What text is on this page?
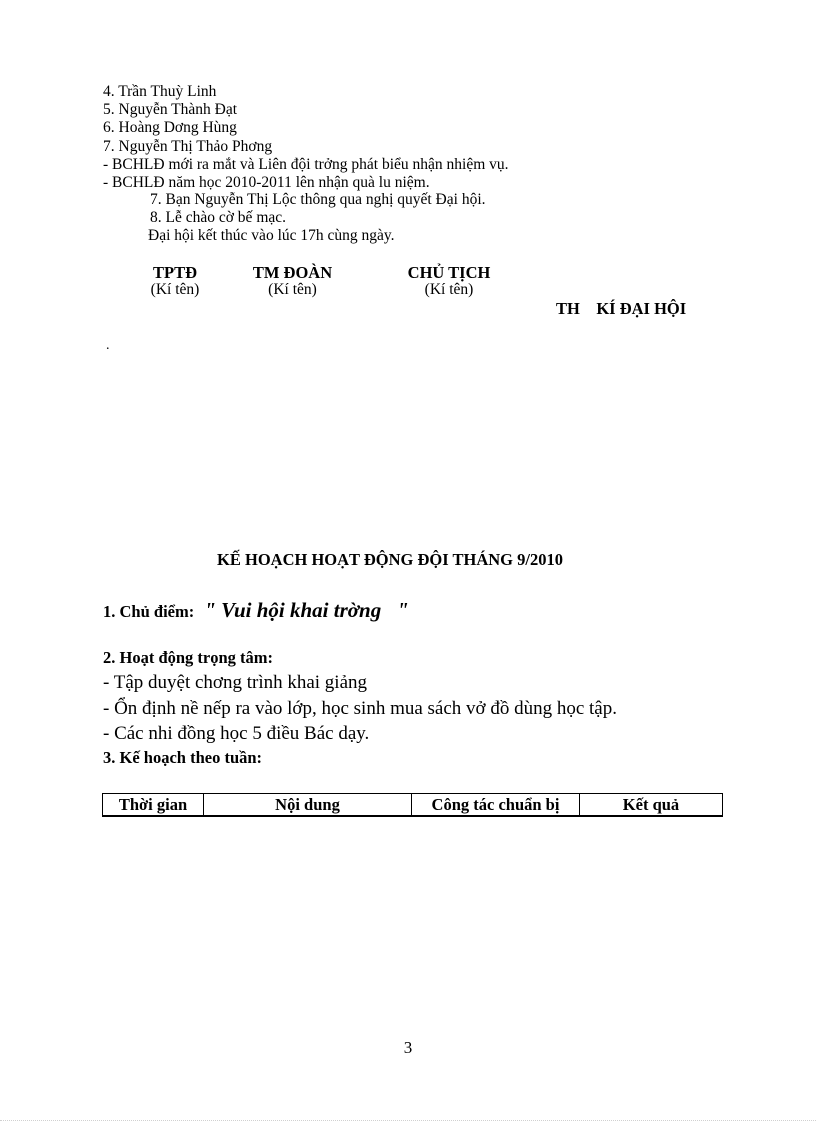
4. Trần Thuỳ Linh
5. Nguyễn Thành Đạt
6. Hoàng Dơng Hùng
7. Nguyễn Thị Thảo Phơng
- BCHLĐ mới ra mắt và Liên đội trởng phát biểu nhận nhiệm vụ.
- BCHLĐ năm học 2010-2011 lên nhận quà lu niệm.
7. Bạn Nguyễn Thị Lộc thông qua nghị quyết Đại hội.
8. Lễ chào cờ bế mạc.
Đại hội kết thúc vào lúc 17h cùng ngày.
TPTĐ
(Kí tên)
TM ĐOÀN
(Kí tên)
CHỦ TỊCH
(Kí tên)

TH    KÍ ĐẠI HỘI

.
KẾ HOẠCH HOẠT ĐỘNG ĐỘI THÁNG 9/2010
1. Chủ điểm: " Vui hội khai trờng   "
2. Hoạt động trọng tâm:
- Tập duyệt chơng trình khai giảng
- Ổn định nề nếp ra vào lớp, học sinh mua sách vở đồ dùng học tập.
- Các nhi đồng học 5 điều Bác dạy.
3. Kế hoạch theo tuần:
Thời gian	Nội dung	Công tác chuẩn bị	Kết quả
3
